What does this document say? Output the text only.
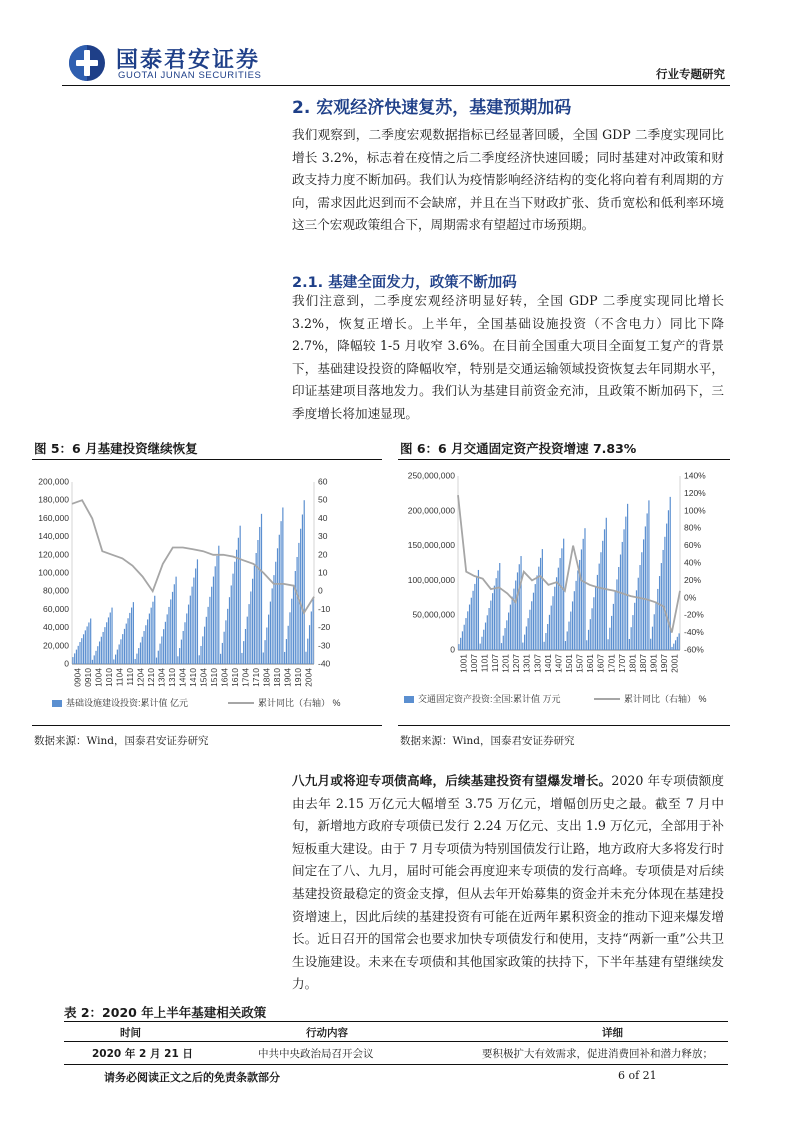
国泰君安证券
GUOTAI JUNAN SECURITIES	行业专题研究
2. 宏观经济快速复苏，基建预期加码

我们观察到，二季度宏观数据指标已经显著回暖，全国 GDP 二季度实现同比增长 3.2%，标志着在疫情之后二季度经济快速回暖；同时基建对冲政策和财政支持力度不断加码。我们认为疫情影响经济结构的变化将向着有利周期的方向，需求因此迟到而不会缺席，并且在当下财政扩张、货币宽松和低利率环境这三个宏观政策组合下，周期需求有望超过市场预期。

2.1. 基建全面发力，政策不断加码

我们注意到，二季度宏观经济明显好转，全国 GDP 二季度实现同比增长 3.2%，恢复正增长。上半年，全国基础设施投资（不含电力）同比下降 2.7%，降幅较 1-5 月收窄 3.6%。在目前全国重大项目全面复工复产的背景下，基础建设投资的降幅收窄，特别是交通运输领域投资恢复去年同期水平，印证基建项目落地发力。我们认为基建目前资金充沛，且政策不断加码下，三季度增长将加速显现。

图 5：6 月基建投资继续恢复
0
20,000
40,000
60,000
80,000
100,000
120,000
140,000
160,000
180,000
200,000
-40
-30
-20
-10
0
10
20
30
40
50
60
0904 0910 1004 1010 1104 1110 1204 1210 1304 1310 1404 1410 1504 1510 1604 1610 1704 1710 1804 1810 1904 1910 2004
基础设施建设投资:累计值 亿元	累计同比（右轴） %
数据来源：Wind，国泰君安证券研究
图 6：6 月交通固定资产投资增速 7.83%
0
50,000,000
100,000,000
150,000,000
200,000,000
250,000,000
-60%
-40%
-20%
0%
20%
40%
60%
80%
100%
120%
140%
1001 1007 1101 1107 1201 1207 1301 1307 1401 1407 1501 1507 1601 1607 1701 1707 1801 1807 1901 1907 2001
交通固定资产投资:全国:累计值 万元	累计同比（右轴） %
数据来源：Wind，国泰君安证券研究

八九月或将迎专项债高峰，后续基建投资有望爆发增长。2020 年专项债额度由去年 2.15 万亿元大幅增至 3.75 万亿元，增幅创历史之最。截至 7 月中旬，新增地方政府专项债已发行 2.24 万亿元、支出 1.9 万亿元，全部用于补短板重大建设。由于 7 月专项债为特别国债发行让路，地方政府大多将发行时间定在了八、九月，届时可能会再度迎来专项债的发行高峰。专项债是对后续基建投资最稳定的资金支撑，但从去年开始募集的资金并未充分体现在基建投资增速上，因此后续的基建投资有可能在近两年累积资金的推动下迎来爆发增长。近日召开的国常会也要求加快专项债发行和使用，支持“两新一重”公共卫生设施建设。未来在专项债和其他国家政策的扶持下，下半年基建有望继续发力。

表 2：2020 年上半年基建相关政策
时间	行动内容	详细
2020 年 2 月 21 日	中共中央政治局召开会议	要积极扩大有效需求，促进消费回补和潜力释放；
请务必阅读正文之后的免责条款部分	6 of 21
